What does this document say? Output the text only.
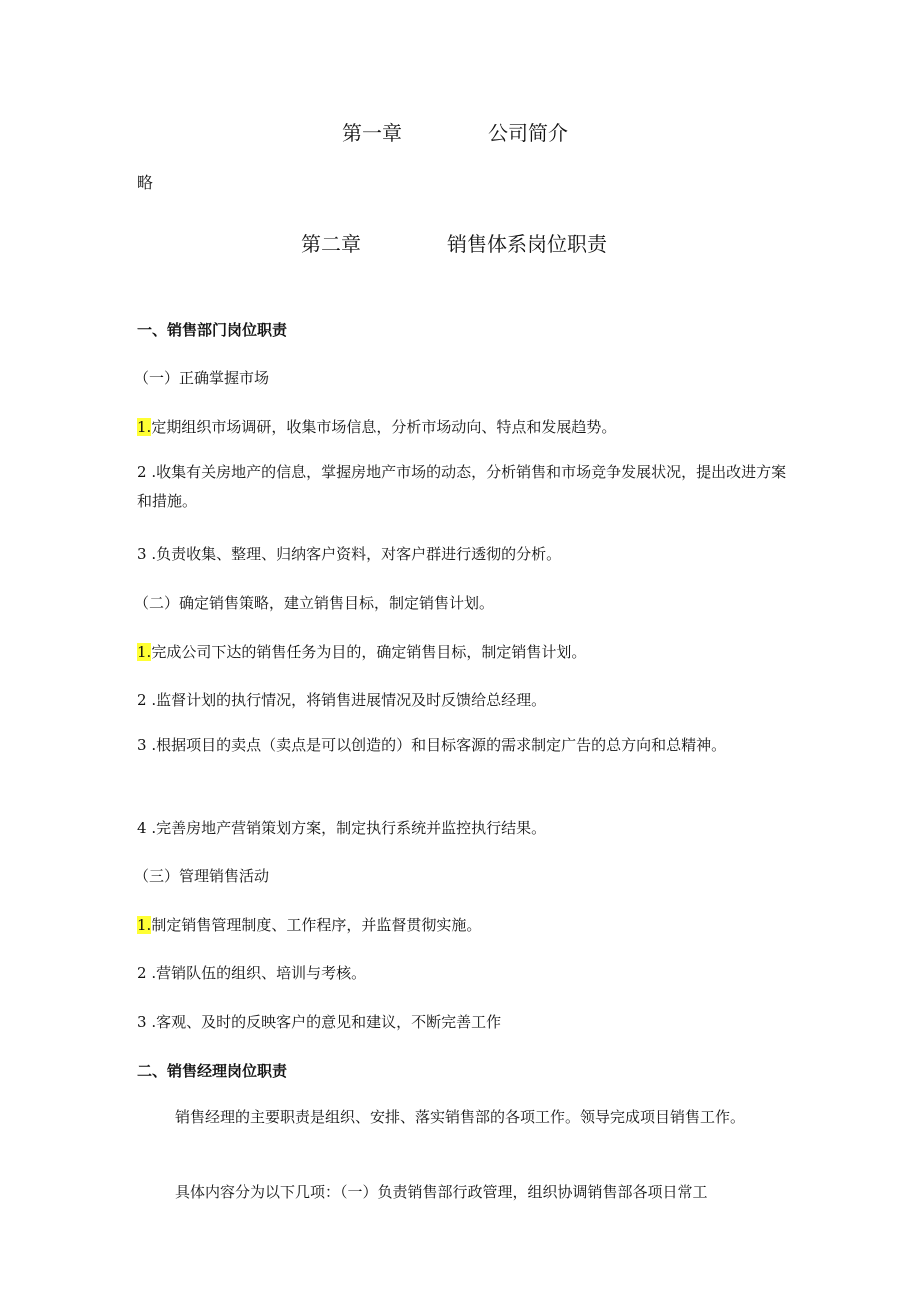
第一章	公司简介
略
第二章	销售体系岗位职责
一、销售部门岗位职责
（一）正确掌握市场
1.定期组织市场调研，收集市场信息，分析市场动向、特点和发展趋势。
2 .收集有关房地产的信息，掌握房地产市场的动态，分析销售和市场竞争发展状况，提出改进方案和措施。
3 .负责收集、整理、归纳客户资料，对客户群进行透彻的分析。
（二）确定销售策略，建立销售目标，制定销售计划。
1.完成公司下达的销售任务为目的，确定销售目标，制定销售计划。
2 .监督计划的执行情况，将销售进展情况及时反馈给总经理。
3 .根据项目的卖点（卖点是可以创造的）和目标客源的需求制定广告的总方向和总精神。
4 .完善房地产营销策划方案，制定执行系统并监控执行结果。
（三）管理销售活动
1.制定销售管理制度、工作程序，并监督贯彻实施。
2 .营销队伍的组织、培训与考核。
3 .客观、及时的反映客户的意见和建议，不断完善工作
二、销售经理岗位职责
销售经理的主要职责是组织、安排、落实销售部的各项工作。领导完成项目销售工作。
具体内容分为以下几项：（一）负责销售部行政管理，组织协调销售部各项日常工
